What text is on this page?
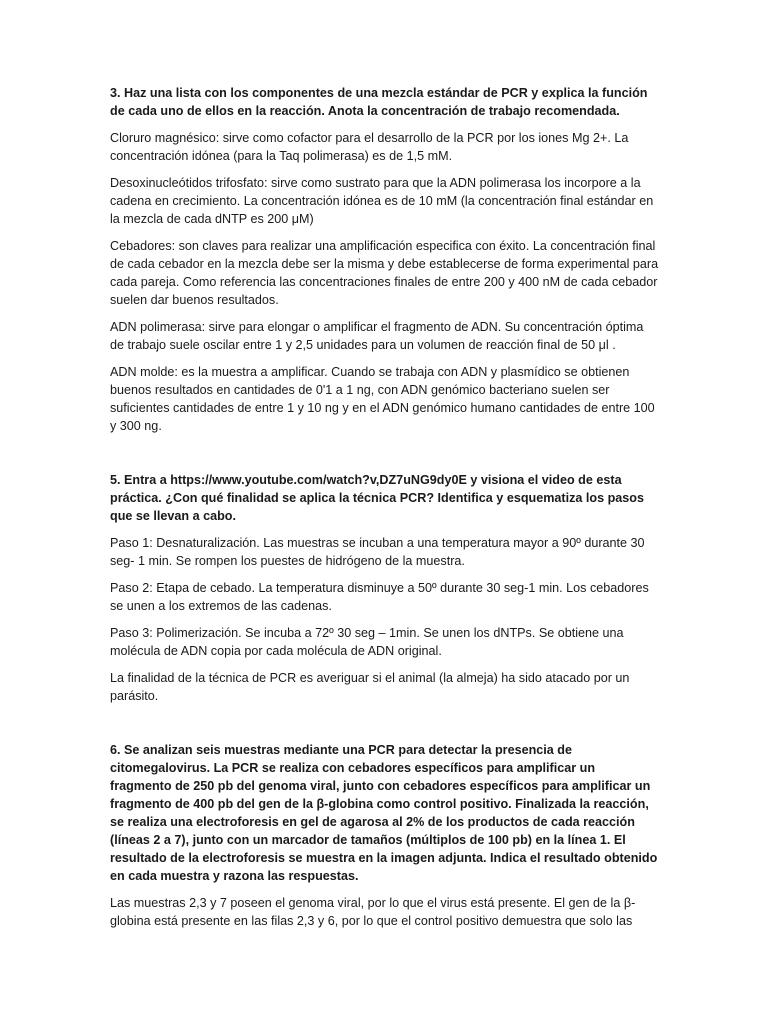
3. Haz una lista con los componentes de una mezcla estándar de PCR y explica la función de cada uno de ellos en la reacción. Anota la concentración de trabajo recomendada.
Cloruro magnésico: sirve como cofactor para el desarrollo de la PCR por los iones Mg 2+. La concentración idónea (para la Taq polimerasa) es de 1,5 mM.
Desoxinucleótidos trifosfato: sirve como sustrato para que la ADN polimerasa los incorpore a la cadena en crecimiento. La concentración idónea es de 10 mM (la concentración final estándar en la mezcla de cada dNTP es 200 μM)
Cebadores: son claves para realizar una amplificación especifica con éxito. La concentración final de cada cebador en la mezcla debe ser la misma y debe establecerse de forma experimental para cada pareja. Como referencia las concentraciones finales de entre 200 y 400 nM de cada cebador suelen dar buenos resultados.
ADN polimerasa: sirve para elongar o amplificar el fragmento de ADN. Su concentración óptima de trabajo suele oscilar entre 1 y 2,5 unidades para un volumen de reacción final de 50 μl .
ADN molde: es la muestra a amplificar. Cuando se trabaja con ADN y plasmídico se obtienen buenos resultados en cantidades de 0'1 a 1 ng, con ADN genómico bacteriano suelen ser suficientes cantidades de entre 1 y 10 ng y en el ADN genómico humano cantidades de entre 100 y 300 ng.
5. Entra a https://www.youtube.com/watch?v,DZ7uNG9dy0E y visiona el video de esta práctica. ¿Con qué finalidad se aplica la técnica PCR? Identifica y esquematiza los pasos que se llevan a cabo.
Paso 1: Desnaturalización. Las muestras se incuban a una temperatura mayor a 90º durante 30 seg- 1 min. Se rompen los puestes de hidrógeno de la muestra.
Paso 2: Etapa de cebado. La temperatura disminuye a 50º durante 30 seg-1 min. Los cebadores se unen a los extremos de las cadenas.
Paso 3: Polimerización. Se incuba a 72º 30 seg – 1min. Se unen los dNTPs. Se obtiene una molécula de ADN copia por cada molécula de ADN original.
La finalidad de la técnica de PCR es averiguar si el animal (la almeja) ha sido atacado por un parásito.
6. Se analizan seis muestras mediante una PCR para detectar la presencia de citomegalovirus. La PCR se realiza con cebadores específicos para amplificar un fragmento de 250 pb del genoma viral, junto con cebadores específicos para amplificar un fragmento de 400 pb del gen de la β-globina como control positivo. Finalizada la reacción, se realiza una electroforesis en gel de agarosa al 2% de los productos de cada reacción (líneas 2 a 7), junto con un marcador de tamaños (múltiplos de 100 pb) en la línea 1. El resultado de la electroforesis se muestra en la imagen adjunta. Indica el resultado obtenido en cada muestra y razona las respuestas.
Las muestras 2,3 y 7 poseen el genoma viral, por lo que el virus está presente. El gen de la β-globina está presente en las filas 2,3 y 6, por lo que el control positivo demuestra que solo las
